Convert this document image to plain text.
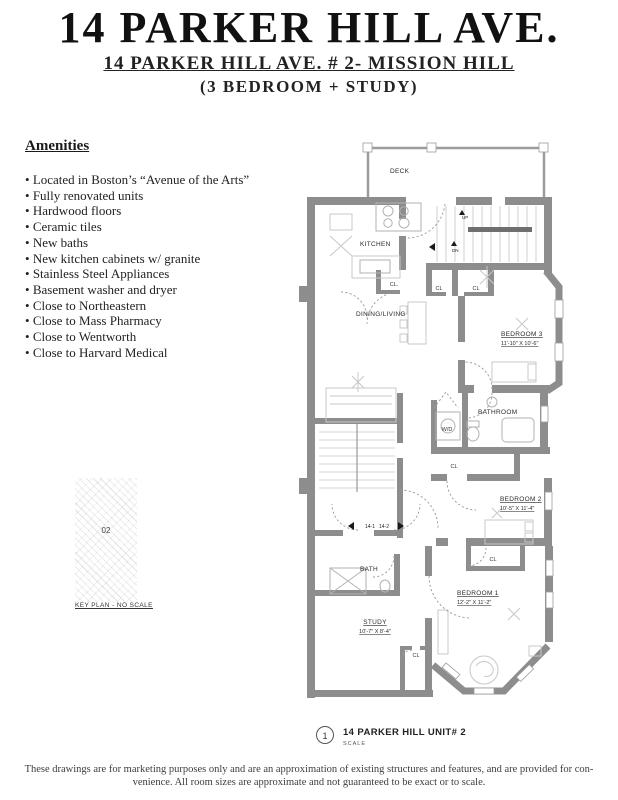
14 PARKER HILL AVE.
14 PARKER HILL AVE. # 2- MISSION HILL
(3 BEDROOM + STUDY)
Amenities
• Located in Boston’s “Avenue of the Arts”
• Fully renovated units
• Hardwood floors
• Ceramic tiles
• New baths
• New kitchen cabinets w/ granite
• Stainless Steel Appliances
• Basement washer and dryer
• Close to Northeastern
• Close to Mass Pharmacy
• Close to Wentworth
• Close to Harvard Medical
02
KEY PLAN - NO SCALE
DECK
KITCHEN
DINING/LIVING
BEDROOM 3
11'-10" X 10'-6"
BATHROOM
W/D
BEDROOM 2
10'-5" X 11'-4"
BATH
STUDY
10'-7" X 8'-4"
BEDROOM 1
12'-2" X 11'-2"
CL.
CL	CL
CL
CL
CL
UP
DN
14-1 14-2
1	14 PARKER HILL UNIT# 2
SCALE
These drawings are for marketing purposes only and are an approximation of existing structures and features, and are provided for con-
venience. All room sizes are approximate and not guaranteed to be exact or to scale.
